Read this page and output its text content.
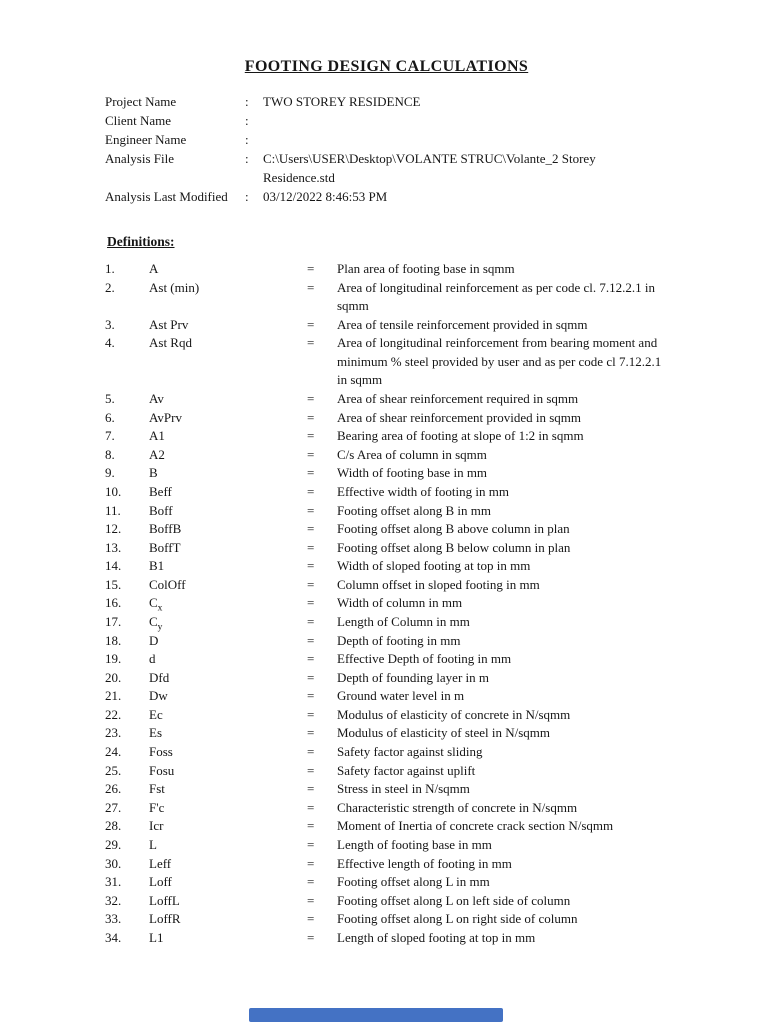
FOOTING DESIGN CALCULATIONS
Project Name	:	TWO STOREY RESIDENCE
Client Name	:
Engineer Name	:
Analysis File	:	C:\Users\USER\Desktop\VOLANTE STRUC\Volante_2 Storey Residence.std
Analysis Last Modified	:	03/12/2022 8:46:53 PM
Definitions:
1.	A	=	Plan area of footing base in sqmm
2.	Ast (min)	=	Area of longitudinal reinforcement as per code cl. 7.12.2.1 in sqmm
3.	Ast Prv	=	Area of tensile reinforcement provided in sqmm
4.	Ast Rqd	=	Area of longitudinal reinforcement from bearing moment and minimum % steel provided by user and as per code cl 7.12.2.1 in sqmm
5.	Av	=	Area of shear reinforcement required in sqmm
6.	AvPrv	=	Area of shear reinforcement provided in sqmm
7.	A1	=	Bearing area of footing at slope of 1:2 in sqmm
8.	A2	=	C/s Area of column in sqmm
9.	B	=	Width of footing base in mm
10.	Beff	=	Effective width of footing in mm
11.	Boff	=	Footing offset along B in mm
12.	BoffB	=	Footing offset along B above column in plan
13.	BoffT	=	Footing offset along B below column in plan
14.	B1	=	Width of sloped footing at top in mm
15.	ColOff	=	Column offset in sloped footing in mm
16.	$C_x$	=	Width of column in mm
17.	$C_y$	=	Length of Column in mm
18.	D	=	Depth of footing in mm
19.	d	=	Effective Depth of footing in mm
20.	Dfd	=	Depth of founding layer in m
21.	Dw	=	Ground water level in m
22.	Ec	=	Modulus of elasticity of concrete in N/sqmm
23.	Es	=	Modulus of elasticity of steel in N/sqmm
24.	Foss	=	Safety factor against sliding
25.	Fosu	=	Safety factor against uplift
26.	Fst	=	Stress in steel in N/sqmm
27.	F'c	=	Characteristic strength of concrete in N/sqmm
28.	Icr	=	Moment of Inertia of concrete crack section N/sqmm
29.	L	=	Length of footing base in mm
30.	Leff	=	Effective length of footing in mm
31.	Loff	=	Footing offset along L in mm
32.	LoffL	=	Footing offset along L on left side of column
33.	LoffR	=	Footing offset along L on right side of column
34.	L1	=	Length of sloped footing at top in mm
